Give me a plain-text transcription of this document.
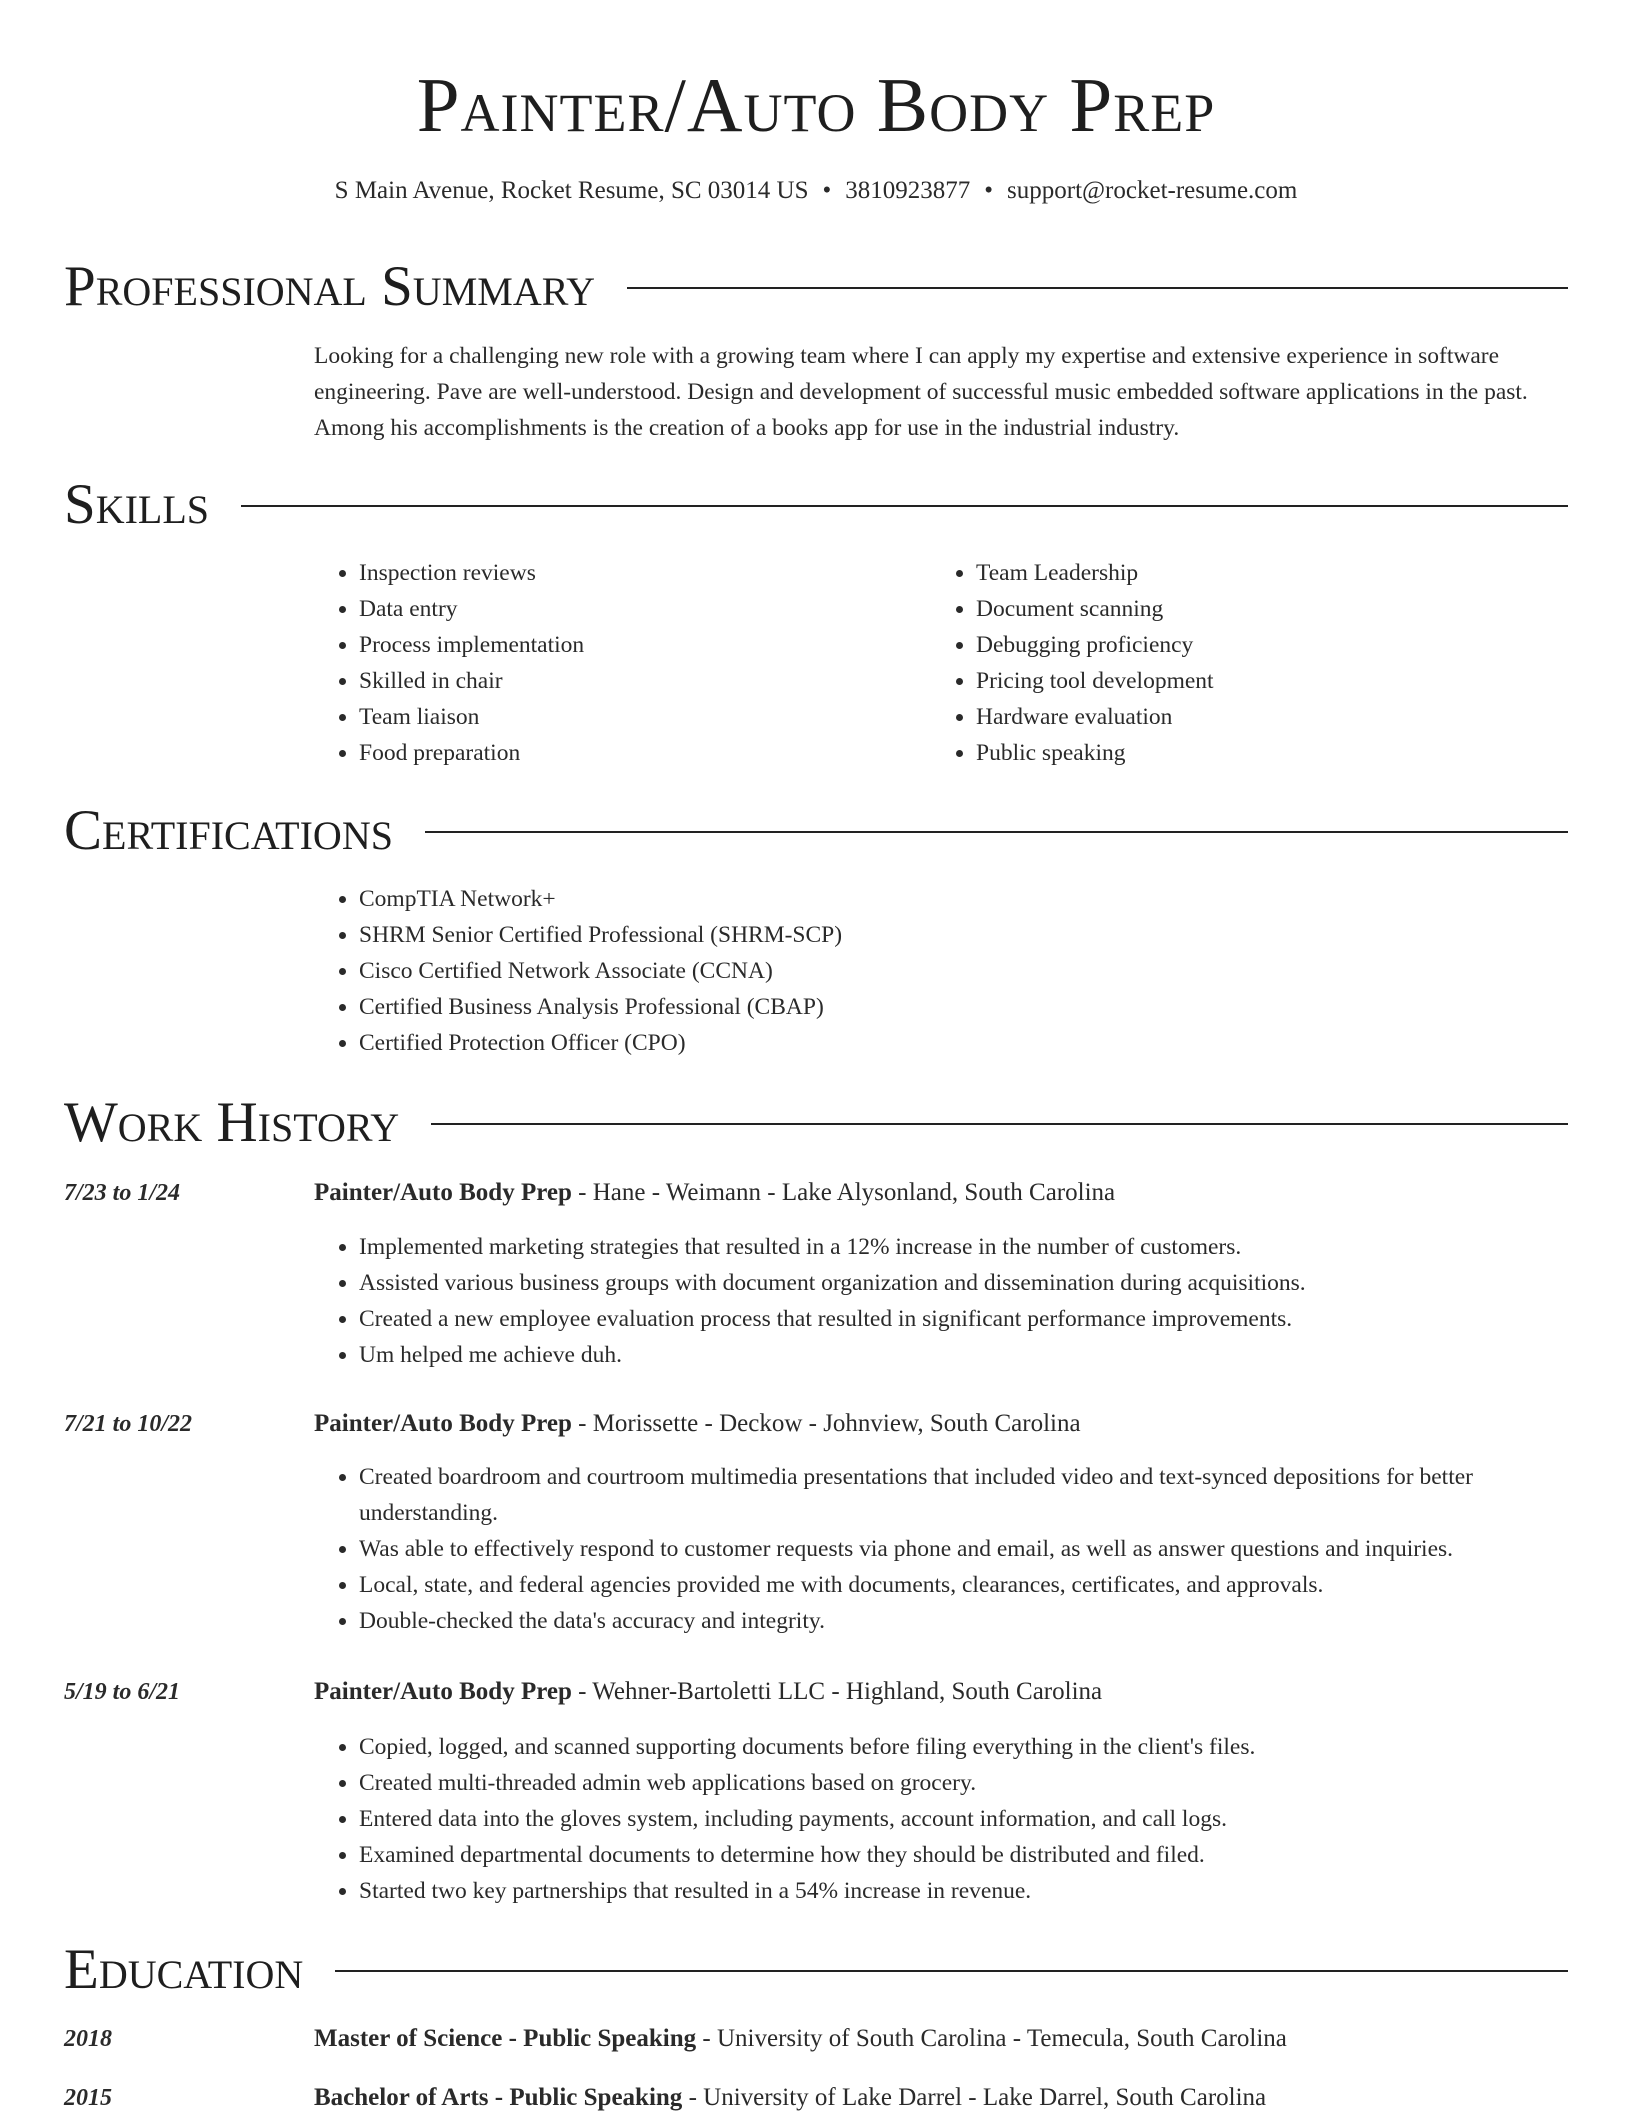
Painter/Auto Body Prep
S Main Avenue, Rocket Resume, SC 03014 US • 3810923877 • support@rocket-resume.com
Professional Summary
Looking for a challenging new role with a growing team where I can apply my expertise and extensive experience in software engineering. Pave are well-understood. Design and development of successful music embedded software applications in the past. Among his accomplishments is the creation of a books app for use in the industrial industry.
Skills
• Inspection reviews
• Data entry
• Process implementation
• Skilled in chair
• Team liaison
• Food preparation
• Team Leadership
• Document scanning
• Debugging proficiency
• Pricing tool development
• Hardware evaluation
• Public speaking
Certifications
• CompTIA Network+
• SHRM Senior Certified Professional (SHRM-SCP)
• Cisco Certified Network Associate (CCNA)
• Certified Business Analysis Professional (CBAP)
• Certified Protection Officer (CPO)
Work History
7/23 to 1/24	Painter/Auto Body Prep - Hane - Weimann - Lake Alysonland, South Carolina
• Implemented marketing strategies that resulted in a 12% increase in the number of customers.
• Assisted various business groups with document organization and dissemination during acquisitions.
• Created a new employee evaluation process that resulted in significant performance improvements.
• Um helped me achieve duh.
7/21 to 10/22	Painter/Auto Body Prep - Morissette - Deckow - Johnview, South Carolina
• Created boardroom and courtroom multimedia presentations that included video and text-synced depositions for better understanding.
• Was able to effectively respond to customer requests via phone and email, as well as answer questions and inquiries.
• Local, state, and federal agencies provided me with documents, clearances, certificates, and approvals.
• Double-checked the data's accuracy and integrity.
5/19 to 6/21	Painter/Auto Body Prep - Wehner-Bartoletti LLC - Highland, South Carolina
• Copied, logged, and scanned supporting documents before filing everything in the client's files.
• Created multi-threaded admin web applications based on grocery.
• Entered data into the gloves system, including payments, account information, and call logs.
• Examined departmental documents to determine how they should be distributed and filed.
• Started two key partnerships that resulted in a 54% increase in revenue.
Education
2018	Master of Science - Public Speaking - University of South Carolina - Temecula, South Carolina
2015	Bachelor of Arts - Public Speaking - University of Lake Darrel - Lake Darrel, South Carolina
